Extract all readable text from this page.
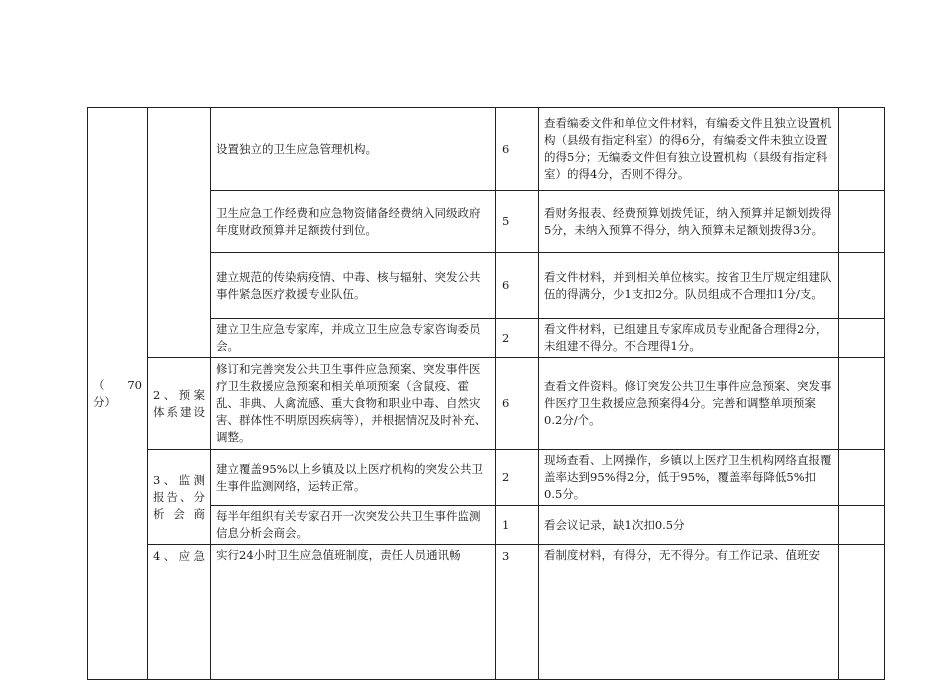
（ 70
分）		设置独立的卫生应急管理机构。	6	查看编委文件和单位文件材料，有编委文件且独立设置机构（县级有指定科室）的得6分，有编委文件未独立设置的得5分；无编委文件但有独立设置机构（县级有指定科室）的得4分，否则不得分。	
		卫生应急工作经费和应急物资储备经费纳入同级政府年度财政预算并足额拨付到位。	5	看财务报表、经费预算划拨凭证，纳入预算并足额划拨得5分，未纳入预算不得分，纳入预算未足额划拨得3分。	
		建立规范的传染病疫情、中毒、核与辐射、突发公共事件紧急医疗救援专业队伍。	6	看文件材料，并到相关单位核实。按省卫生厅规定组建队伍的得满分，少1支扣2分。队员组成不合理扣1分/支。	
		建立卫生应急专家库，并成立卫生应急专家咨询委员会。	2	看文件材料，已组建且专家库成员专业配备合理得2分，未组建不得分。不合理得1分。	
	2、预案体系建设	修订和完善突发公共卫生事件应急预案、突发事件医疗卫生救援应急预案和相关单项预案（含鼠疫、霍乱、非典、人禽流感、重大食物和职业中毒、自然灾害、群体性不明原因疾病等），并根据情况及时补充、调整。	6	查看文件资料。修订突发公共卫生事件应急预案、突发事件医疗卫生救援应急预案得4分。完善和调整单项预案0.2分/个。	
	3、监测报告、分析会商	建立覆盖95%以上乡镇及以上医疗机构的突发公共卫生事件监测网络，运转正常。	2	现场查看、上网操作，乡镇以上医疗卫生机构网络直报覆盖率达到95%得2分，低于95%，覆盖率每降低5%扣0.5分。	
		每半年组织有关专家召开一次突发公共卫生事件监测信息分析会商会。	1	看会议记录，缺1次扣0.5分	
	4、应急	实行24小时卫生应急值班制度，责任人员通讯畅	3	看制度材料，有得分，无不得分。有工作记录、值班安	
